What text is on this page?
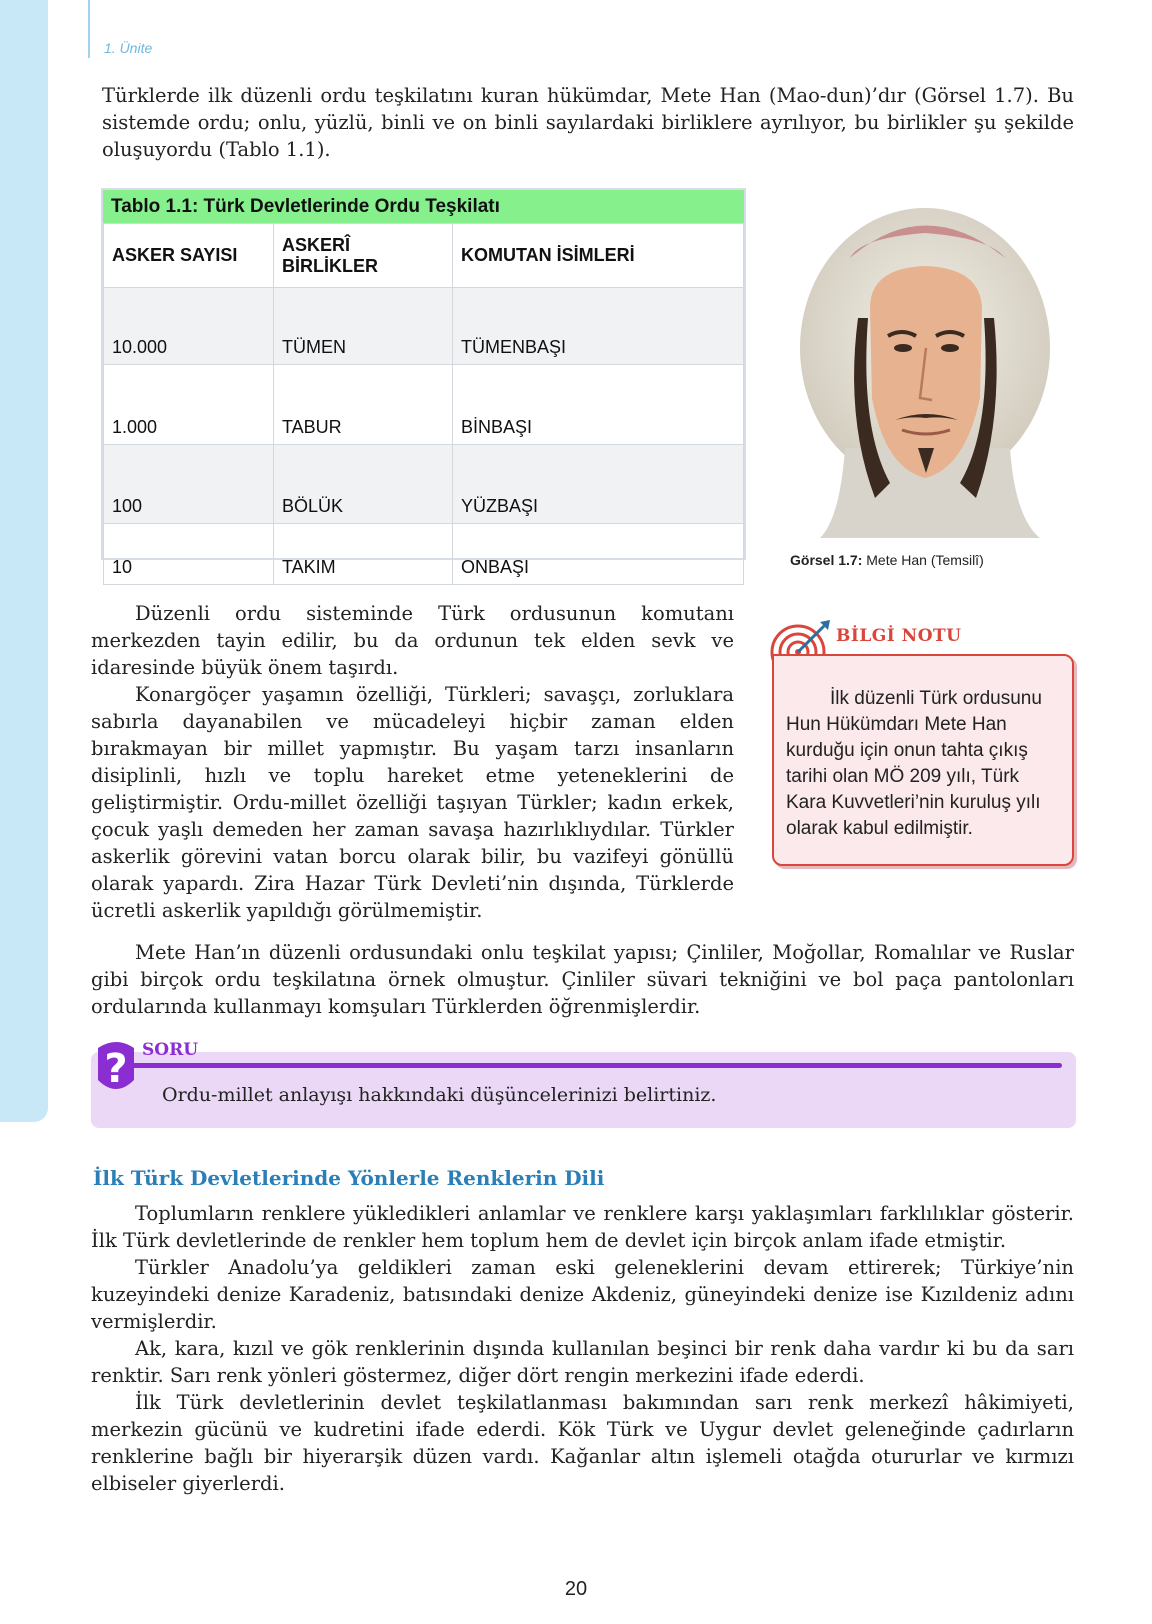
1. Ünite

Türklerde ilk düzenli ordu teşkilatını kuran hükümdar, Mete Han (Mao-dun)’dır (Görsel 1.7). Bu sistemde ordu; onlu, yüzlü, binli ve on binli sayılardaki birliklere ayrılıyor, bu birlikler şu şekilde oluşuyordu (Tablo 1.1).

Tablo 1.1: Türk Devletlerinde Ordu Teşkilatı
ASKER SAYISI	ASKERÎ BİRLİKLER	KOMUTAN İSİMLERİ
10.000	TÜMEN	TÜMENBAŞI
1.000	TABUR	BİNBAŞI
100	BÖLÜK	YÜZBAŞI
10	TAKIM	ONBAŞI	Görsel 1.7: Mete Han (Temsilî)

Düzenli ordu sisteminde Türk ordusunun komutanı merkezden tayin edilir, bu da ordunun tek elden sevk ve idaresinde büyük önem taşırdı.

Konargöçer yaşamın özelliği, Türkleri; savaşçı, zorluklara sabırla dayanabilen ve mücadeleyi hiçbir zaman elden bırakmayan bir millet yapmıştır. Bu yaşam tarzı insanların disiplinli, hızlı ve toplu hareket etme yeteneklerini de geliştirmiştir. Ordu-millet özelliği taşıyan Türkler; kadın erkek, çocuk yaşlı demeden her zaman savaşa hazırlıklıydılar. Türkler askerlik görevini vatan borcu olarak bilir, bu vazifeyi gönüllü olarak yapardı. Zira Hazar Türk Devleti’nin dışında, Türklerde ücretli askerlik yapıldığı görülmemiştir.

BİLGİ NOTU

İlk düzenli Türk ordusunu Hun Hükümdarı Mete Han kurduğu için onun tahta çıkış tarihi olan MÖ 209 yılı, Türk Kara Kuvvetleri’nin kuruluş yılı olarak kabul edilmiştir.

Mete Han’ın düzenli ordusundaki onlu teşkilat yapısı; Çinliler, Moğollar, Romalılar ve Ruslar gibi birçok ordu teşkilatına örnek olmuştur. Çinliler süvari tekniğini ve bol paça pantolonları ordularında kullanmayı komşuları Türklerden öğrenmişlerdir.

? SORU
Ordu-millet anlayışı hakkındaki düşüncelerinizi belirtiniz.
İlk Türk Devletlerinde Yönlerle Renklerin Dili

Toplumların renklere yükledikleri anlamlar ve renklere karşı yaklaşımları farklılıklar gösterir. İlk Türk devletlerinde de renkler hem toplum hem de devlet için birçok anlam ifade etmiştir.

Türkler Anadolu’ya geldikleri zaman eski geleneklerini devam ettirerek; Türkiye’nin kuzeyindeki denize Karadeniz, batısındaki denize Akdeniz, güneyindeki denize ise Kızıldeniz adını vermişlerdir.

Ak, kara, kızıl ve gök renklerinin dışında kullanılan beşinci bir renk daha vardır ki bu da sarı renktir. Sarı renk yönleri göstermez, diğer dört rengin merkezini ifade ederdi.

İlk Türk devletlerinin devlet teşkilatlanması bakımından sarı renk merkezî hâkimiyeti, merkezin gücünü ve kudretini ifade ederdi. Kök Türk ve Uygur devlet geleneğinde çadırların renklerine bağlı bir hiyerarşik düzen vardı. Kağanlar altın işlemeli otağda otururlar ve kırmızı elbiseler giyerlerdi.

20
